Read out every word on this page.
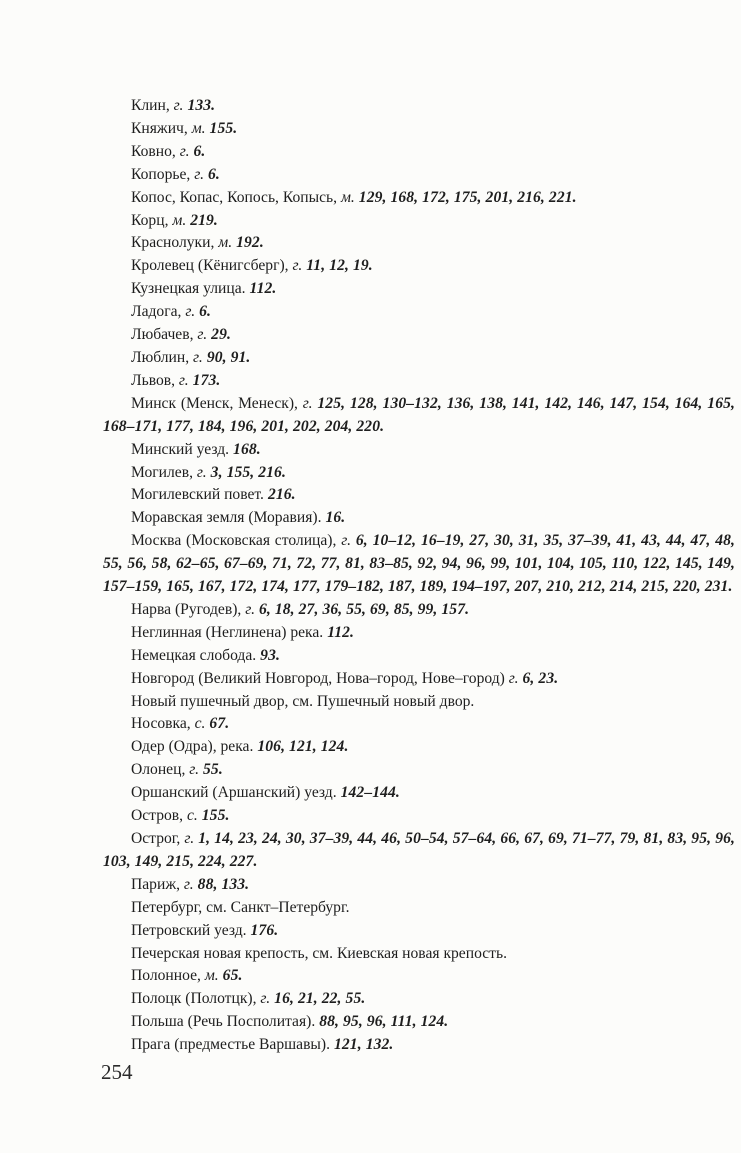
Клин, г. 133.
Княжич, м. 155.
Ковно, г. 6.
Копорье, г. 6.
Копос, Копас, Копось, Копысь, м. 129, 168, 172, 175, 201, 216, 221.
Корц, м. 219.
Краснолуки, м. 192.
Кролевец (Кёнигсберг), г. 11, 12, 19.
Кузнецкая улица. 112.
Ладога, г. 6.
Любачев, г. 29.
Люблин, г. 90, 91.
Львов, г. 173.
Минск (Менск, Менеск), г. 125, 128, 130–132, 136, 138, 141, 142, 146, 147, 154, 164, 165, 168–171, 177, 184, 196, 201, 202, 204, 220.
Минский уезд. 168.
Могилев, г. 3, 155, 216.
Могилевский повет. 216.
Моравская земля (Моравия). 16.
Москва (Московская столица), г. 6, 10–12, 16–19, 27, 30, 31, 35, 37–39, 41, 43, 44, 47, 48, 55, 56, 58, 62–65, 67–69, 71, 72, 77, 81, 83–85, 92, 94, 96, 99, 101, 104, 105, 110, 122, 145, 149, 157–159, 165, 167, 172, 174, 177, 179–182, 187, 189, 194–197, 207, 210, 212, 214, 215, 220, 231.
Нарва (Ругодев), г. 6, 18, 27, 36, 55, 69, 85, 99, 157.
Неглинная (Неглинена) река. 112.
Немецкая слобода. 93.
Новгород (Великий Новгород, Нова–город, Нове–город) г. 6, 23.
Новый пушечный двор, см. Пушечный новый двор.
Носовка, с. 67.
Одер (Одра), река. 106, 121, 124.
Олонец, г. 55.
Оршанский (Аршанский) уезд. 142–144.
Остров, с. 155.
Острог, г. 1, 14, 23, 24, 30, 37–39, 44, 46, 50–54, 57–64, 66, 67, 69, 71–77, 79, 81, 83, 95, 96, 103, 149, 215, 224, 227.
Париж, г. 88, 133.
Петербург, см. Санкт–Петербург.
Петровский уезд. 176.
Печерская новая крепость, см. Киевская новая крепость.
Полонное, м. 65.
Полоцк (Полотцк), г. 16, 21, 22, 55.
Польша (Речь Посполитая). 88, 95, 96, 111, 124.
Прага (предместье Варшавы). 121, 132.
254
